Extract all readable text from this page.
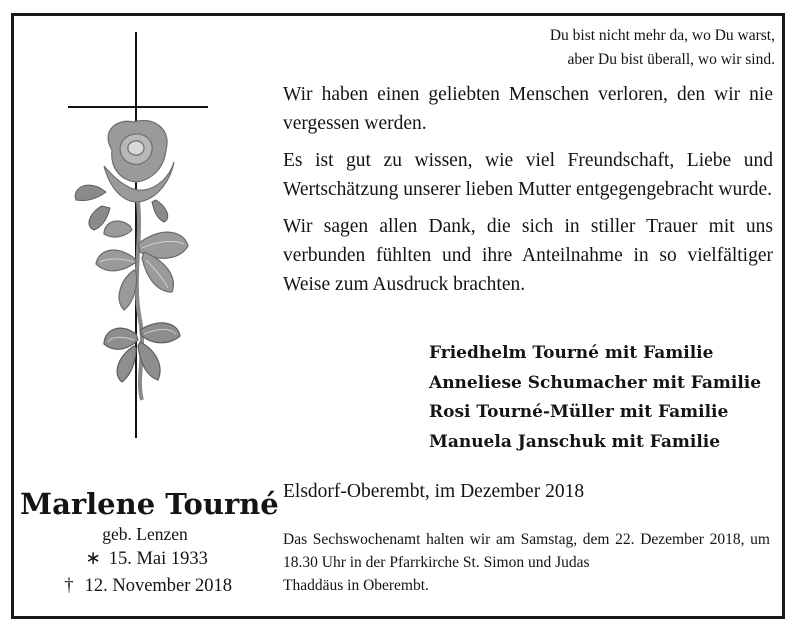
Du bist nicht mehr da, wo Du warst,
aber Du bist überall, wo wir sind.

Wir haben einen geliebten Menschen verloren, den wir nie vergessen werden.

Es ist gut zu wissen, wie viel Freundschaft, Liebe und Wertschätzung unserer lieben Mutter entgegengebracht wurde.

Wir sagen allen Dank, die sich in stiller Trauer mit uns verbunden fühlten und ihre Anteilnahme in so vielfältiger Weise zum Ausdruck brachten.

Friedhelm Tourné mit Familie
Anneliese Schumacher mit Familie
Rosi Tourné-Müller mit Familie
Manuela Janschuk mit Familie
Elsdorf-Oberembt, im Dezember 2018
Das Sechswochenamt halten wir am Samstag, dem 22. Dezember 2018, um 18.30 Uhr in der Pfarrkirche St. Simon und Judas
Thaddäus in Oberembt.
Marlene Tourné
geb. Lenzen
∗ 15. Mai 1933
† 12. November 2018
